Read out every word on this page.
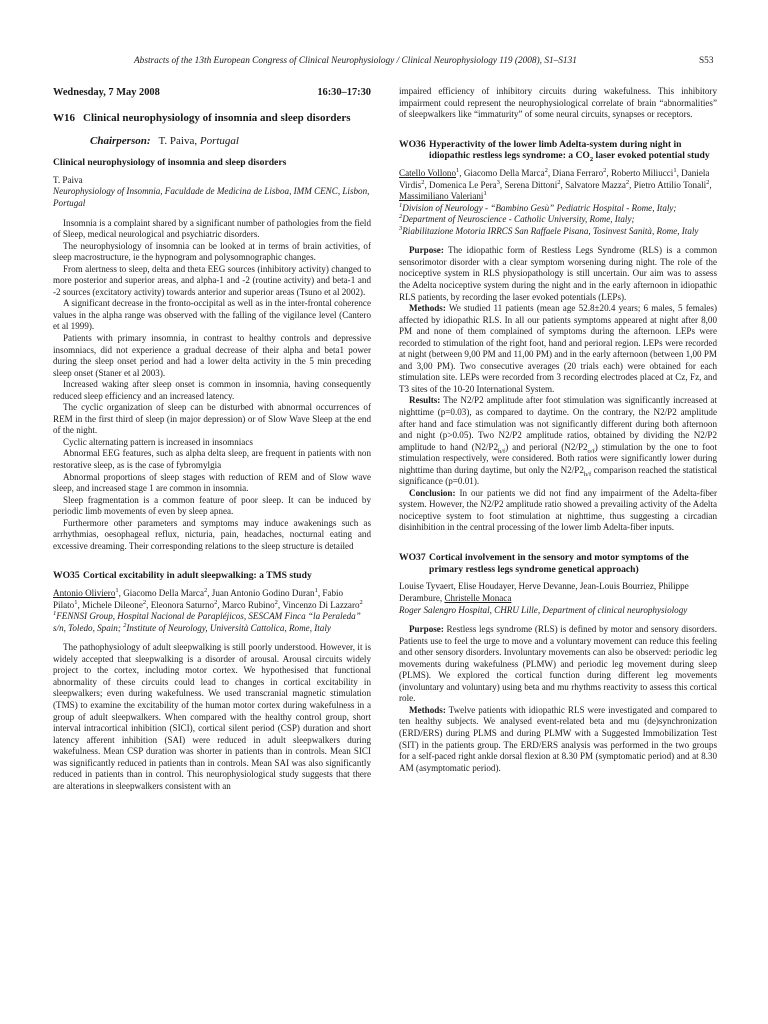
Abstracts of the 13th European Congress of Clinical Neurophysiology / Clinical Neurophysiology 119 (2008), S1–S131	S53
Wednesday, 7 May 2008	16:30–17:30
W16 Clinical neurophysiology of insomnia and sleep disorders
Chairperson: T. Paiva, Portugal
Clinical neurophysiology of insomnia and sleep disorders
T. Paiva
Neurophysiology of Insomnia, Faculdade de Medicina de Lisboa, IMM CENC, Lisbon, Portugal

Insomnia is a complaint shared by a significant number of pathologies from the field of Sleep, medical neurological and psychiatric disorders.

The neurophysiology of insomnia can be looked at in terms of brain activities, of sleep macrostructure, ie the hypnogram and polysomnographic changes.

From alertness to sleep, delta and theta EEG sources (inhibitory activity) changed to more posterior and superior areas, and alpha-1 and -2 (routine activity) and beta-1 and -2 sources (excitatory activity) towards anterior and superior areas (Tsuno et al 2002).

A significant decrease in the fronto-occipital as well as in the inter-frontal coherence values in the alpha range was observed with the falling of the vigilance level (Cantero et al 1999).

Patients with primary insomnia, in contrast to healthy controls and depressive insomniacs, did not experience a gradual decrease of their alpha and beta1 power during the sleep onset period and had a lower delta activity in the 5 min preceding sleep onset (Staner et al 2003).

Increased waking after sleep onset is common in insomnia, having consequently reduced sleep efficiency and an increased latency.

The cyclic organization of sleep can be disturbed with abnormal occurrences of REM in the first third of sleep (in major depression) or of Slow Wave Sleep at the end of the night.

Cyclic alternating pattern is increased in insomniacs

Abnormal EEG features, such as alpha delta sleep, are frequent in patients with non restorative sleep, as is the case of fybromylgia

Abnormal proportions of sleep stages with reduction of REM and of Slow wave sleep, and increased stage 1 are common in insomnia.

Sleep fragmentation is a common feature of poor sleep. It can be induced by periodic limb movements of even by sleep apnea.

Furthermore other parameters and symptoms may induce awakenings such as arrhythmias, oesophageal reflux, nicturia, pain, headaches, nocturnal eating and excessive dreaming. Their corresponding relations to the sleep structure is detailed

WO35 Cortical excitability in adult sleepwalking: a TMS study
Antonio Oliviero$^1$, Giacomo Della Marca$^2$, Juan Antonio Godino Duran$^1$, Fabio Pilato$^1$, Michele Dileone$^2$, Eleonora Saturno$^2$, Marco Rubino$^2$, Vincenzo Di Lazzaro$^2$
$^1$FENNSI Group, Hospital Nacional de Parapléjicos, SESCAM Finca “la Peraleda” s/n, Toledo, Spain; $^2$Institute of Neurology, Università Cattolica, Rome, Italy

The pathophysiology of adult sleepwalking is still poorly understood. However, it is widely accepted that sleepwalking is a disorder of arousal. Arousal circuits widely project to the cortex, including motor cortex. We hypothesised that functional abnormality of these circuits could lead to changes in cortical excitability in sleepwalkers; even during wakefulness. We used transcranial magnetic stimulation (TMS) to examine the excitability of the human motor cortex during wakefulness in a group of adult sleepwalkers. When compared with the healthy control group, short interval intracortical inhibition (SICI), cortical silent period (CSP) duration and short latency afferent inhibition (SAI) were reduced in adult sleepwalkers during wakefulness. Mean CSP duration was shorter in patients than in controls. Mean SICI was significantly reduced in patients than in controls. Mean SAI was also significantly reduced in patients than in control. This neurophysiological study suggests that there are alterations in sleepwalkers consistent with an

impaired efficiency of inhibitory circuits during wakefulness. This inhibitory impairment could represent the neurophysiological correlate of brain “abnormalities” of sleepwalkers like “immaturity” of some neural circuits, synapses or receptors.

WO36 Hyperactivity of the lower limb Adelta-system during night in idiopathic restless legs syndrome: a $CO_2$ laser evoked potential study
Catello Vollono$^1$, Giacomo Della Marca$^2$, Diana Ferraro$^2$, Roberto Miliucci$^1$, Daniela Virdis$^2$, Domenica Le Pera$^3$, Serena Dittoni$^2$, Salvatore Mazza$^2$, Pietro Attilio Tonali$^2$, Massimiliano Valeriani$^1$
$^1$Division of Neurology - “Bambino Gesù” Pediatric Hospital - Rome, Italy;
$^2$Department of Neuroscience - Catholic University, Rome, Italy;
$^3$Riabilitazione Motoria IRRCS San Raffaele Pisana, Tosinvest Sanità, Rome, Italy

Purpose: The idiopathic form of Restless Legs Syndrome (RLS) is a common sensorimotor disorder with a clear symptom worsening during night. The role of the nociceptive system in RLS physiopathology is still uncertain. Our aim was to assess the Adelta nociceptive system during the night and in the early afternoon in idiopathic RLS patients, by recording the laser evoked potentials (LEPs).

Methods: We studied 11 patients (mean age 52.8±20.4 years; 6 males, 5 females) affected by idiopathic RLS. In all our patients symptoms appeared at night after 8,00 PM and none of them complained of symptoms during the afternoon. LEPs were recorded to stimulation of the right foot, hand and perioral region. LEPs were recorded at night (between 9,00 PM and 11,00 PM) and in the early afternoon (between 1,00 PM and 3,00 PM). Two consecutive averages (20 trials each) were obtained for each stimulation site. LEPs were recorded from 3 recording electrodes placed at Cz, Fz, and T3 sites of the 10-20 International System.

Results: The N2/P2 amplitude after foot stimulation was significantly increased at nighttime (p=0.03), as compared to daytime. On the contrary, the N2/P2 amplitude after hand and face stimulation was not significantly different during both afternoon and night (p>0.05). Two N2/P2 amplitude ratios, obtained by dividing the N2/P2 amplitude to hand $(N2/P2_{h/f})$ and perioral $(N2/P2_{o/f})$ stimulation by the one to foot stimulation respectively, were considered. Both ratios were significantly lower during nighttime than during daytime, but only the $N2/P2_{h/f}$ comparison reached the statistical significance (p=0.01).

Conclusion: In our patients we did not find any impairment of the Adelta-fiber system. However, the N2/P2 amplitude ratio showed a prevailing activity of the Adelta nociceptive system to foot stimulation at nighttime, thus suggesting a circadian disinhibition in the central processing of the lower limb Adelta-fiber inputs.

WO37 Cortical involvement in the sensory and motor symptoms of the primary restless legs syndrome genetical approach)
Louise Tyvaert, Elise Houdayer, Herve Devanne, Jean-Louis Bourriez, Philippe Derambure, Christelle Monaca
Roger Salengro Hospital, CHRU Lille, Department of clinical neurophysiology

Purpose: Restless legs syndrome (RLS) is defined by motor and sensory disorders. Patients use to feel the urge to move and a voluntary movement can reduce this feeling and other sensory disorders. Involuntary movements can also be observed: periodic leg movements during wakefulness (PLMW) and periodic leg movement during sleep (PLMS). We explored the cortical function during different leg movements (involuntary and voluntary) using beta and mu rhythms reactivity to assess this cortical role.

Methods: Twelve patients with idiopathic RLS were investigated and compared to ten healthy subjects. We analysed event-related beta and mu (de)synchronization (ERD/ERS) during PLMS and during PLMW with a Suggested Immobilization Test (SIT) in the patients group. The ERD/ERS analysis was performed in the two groups for a self-paced right ankle dorsal flexion at 8.30 PM (symptomatic period) and at 8.30 AM (asymptomatic period).
